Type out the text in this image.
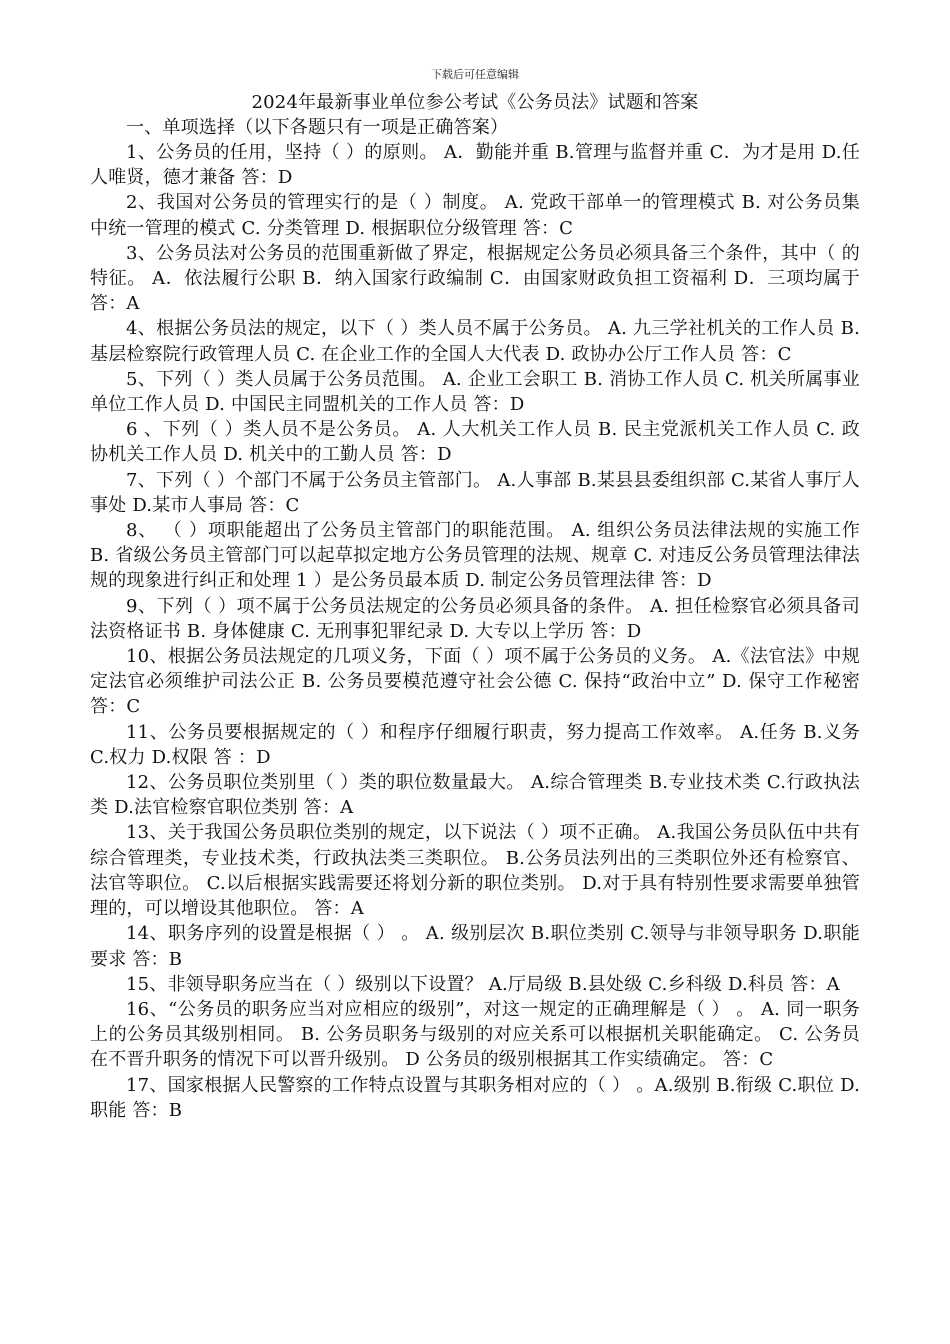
下载后可任意编辑
2024年最新事业单位参公考试《公务员法》试题和答案

一、单项选择（以下各题只有一项是正确答案）

1、公务员的任用，坚持（ ）的原则。 A．勤能并重 B.管理与监督并重 C．为才是用 D.任人唯贤，德才兼备 答：D

2、我国对公务员的管理实行的是（ ）制度。 A. 党政干部单一的管理模式 B. 对公务员集中统一管理的模式 C. 分类管理 D. 根据职位分级管理 答：C

3、公务员法对公务员的范围重新做了界定，根据规定公务员必须具备三个条件，其中（ 的特征。 A．依法履行公职 B．纳入国家行政编制 C．由国家财政负担工资福利 D．三项均属于 答：A

4、根据公务员法的规定，以下（ ）类人员不属于公务员。 A. 九三学社机关的工作人员 B. 基层检察院行政管理人员 C. 在企业工作的全国人大代表 D. 政协办公厅工作人员 答：C

5、下列（ ）类人员属于公务员范围。 A. 企业工会职工 B. 消协工作人员 C. 机关所属事业单位工作人员 D. 中国民主同盟机关的工作人员 答：D

6 、下列（ ）类人员不是公务员。 A. 人大机关工作人员 B. 民主党派机关工作人员 C. 政协机关工作人员 D. 机关中的工勤人员 答：D

7、下列（ ）个部门不属于公务员主管部门。 A.人事部 B.某县县委组织部 C.某省人事厅人事处 D.某市人事局 答：C

8、 （ ）项职能超出了公务员主管部门的职能范围。 A. 组织公务员法律法规的实施工作 B. 省级公务员主管部门可以起草拟定地方公务员管理的法规、规章 C. 对违反公务员管理法律法规的现象进行纠正和处理 1 ）是公务员最本质 D. 制定公务员管理法律 答：D

9、下列（ ）项不属于公务员法规定的公务员必须具备的条件。 A. 担任检察官必须具备司法资格证书 B. 身体健康 C. 无刑事犯罪纪录 D. 大专以上学历 答：D

10、根据公务员法规定的几项义务，下面（ ）项不属于公务员的义务。 A.《法官法》中规定法官必须维护司法公正 B. 公务员要模范遵守社会公德 C. 保持“政治中立” D. 保守工作秘密 答：C

11、公务员要根据规定的（ ）和程序仔细履行职责，努力提高工作效率。 A.任务 B.义务 C.权力 D.权限 答 ：D

12、公务员职位类别里（ ）类的职位数量最大。 A.综合管理类 B.专业技术类 C.行政执法类 D.法官检察官职位类别 答：A

13、关于我国公务员职位类别的规定，以下说法（ ）项不正确。 A.我国公务员队伍中共有综合管理类，专业技术类，行政执法类三类职位。 B.公务员法列出的三类职位外还有检察官、法官等职位。 C.以后根据实践需要还将划分新的职位类别。 D.对于具有特别性要求需要单独管理的，可以增设其他职位。 答：A

14、职务序列的设置是根据（ ） 。 A. 级别层次 B.职位类别 C.领导与非领导职务 D.职能要求 答：B

15、非领导职务应当在（ ）级别以下设置？ A.厅局级 B.县处级 C.乡科级 D.科员 答：A

16、“公务员的职务应当对应相应的级别”，对这一规定的正确理解是（ ） 。 A. 同一职务上的公务员其级别相同。 B. 公务员职务与级别的对应关系可以根据机关职能确定。 C. 公务员在不晋升职务的情况下可以晋升级别。 D 公务员的级别根据其工作实绩确定。 答：C

17、国家根据人民警察的工作特点设置与其职务相对应的（ ） 。A.级别 B.衔级 C.职位 D.职能 答：B
